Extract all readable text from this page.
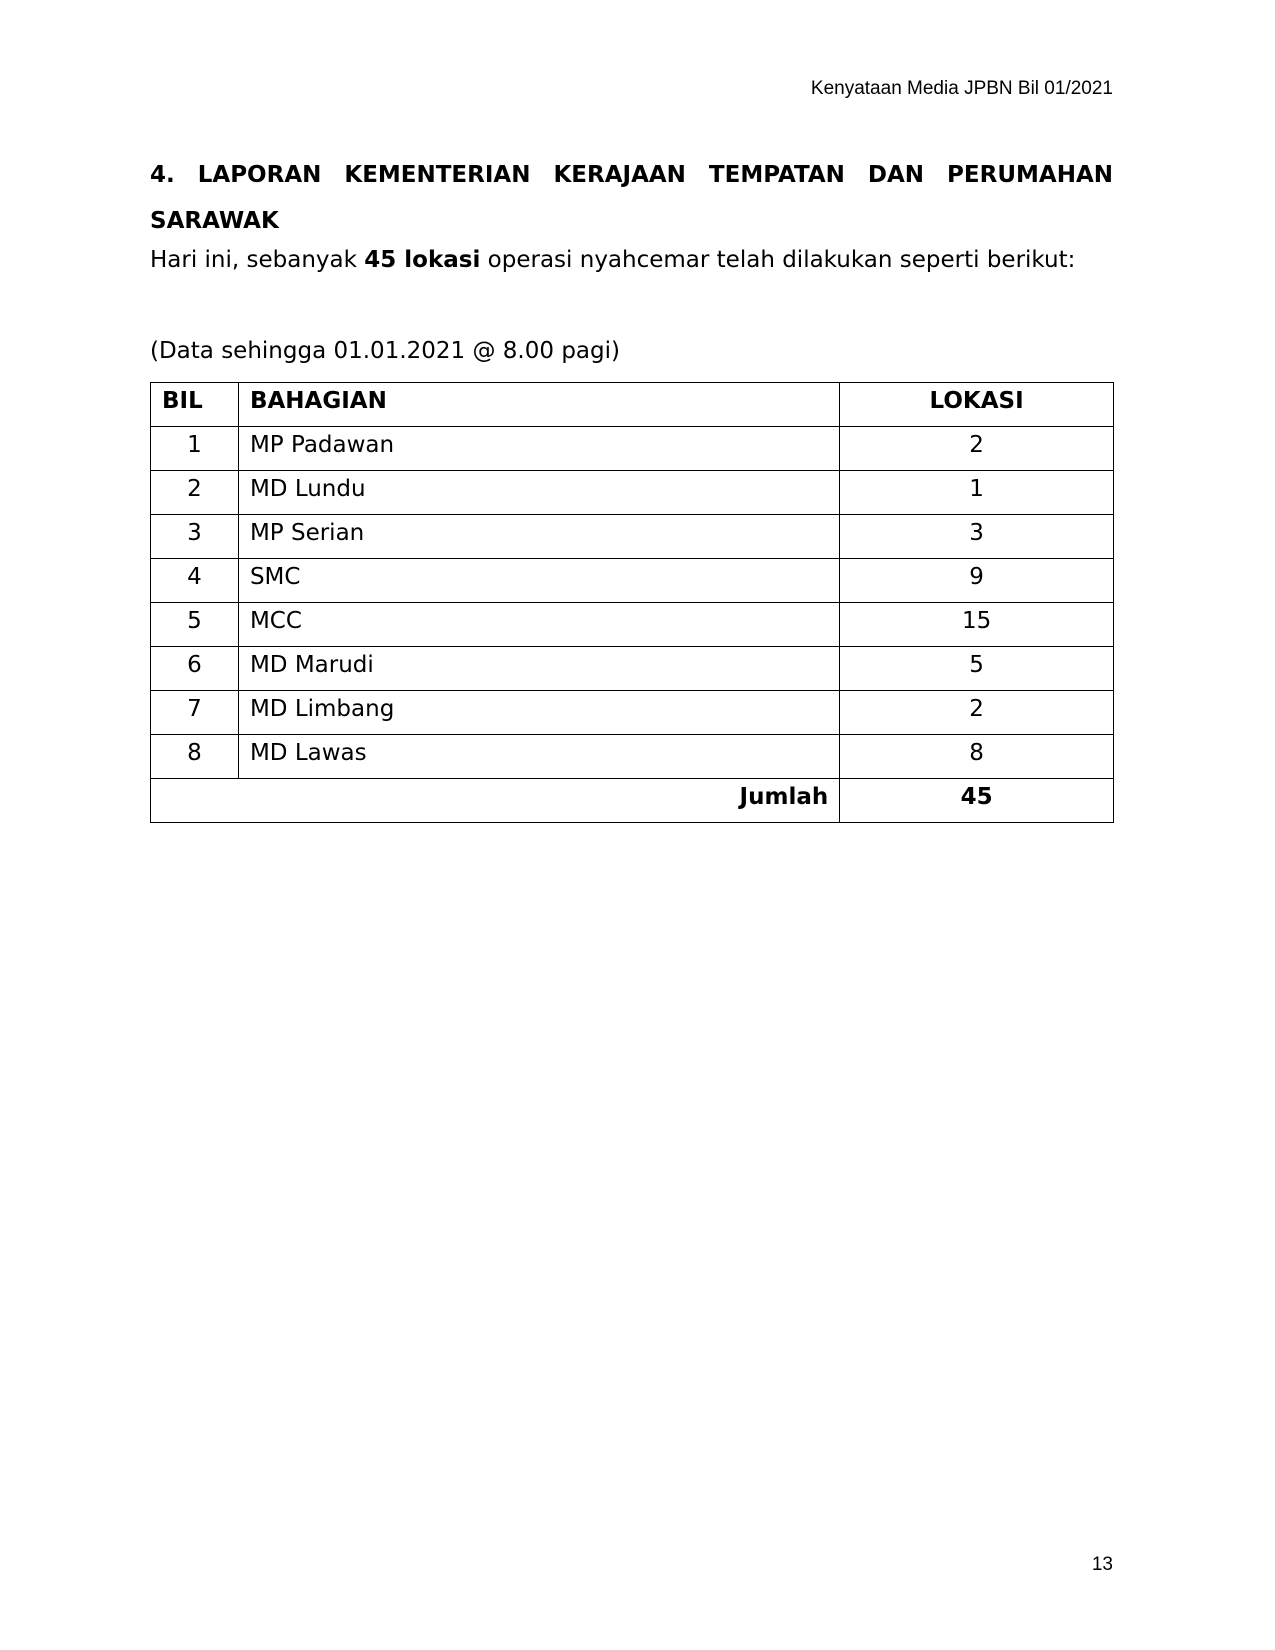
Kenyataan Media JPBN Bil 01/2021
4. LAPORAN KEMENTERIAN KERAJAAN TEMPATAN DAN PERUMAHAN SARAWAK
Hari ini, sebanyak 45 lokasi operasi nyahcemar telah dilakukan seperti berikut:
(Data sehingga 01.01.2021 @ 8.00 pagi)
BIL	BAHAGIAN	LOKASI
1	MP Padawan	2
2	MD Lundu	1
3	MP Serian	3
4	SMC	9
5	MCC	15
6	MD Marudi	5
7	MD Limbang	2
8	MD Lawas	8
Jumlah		45
13
